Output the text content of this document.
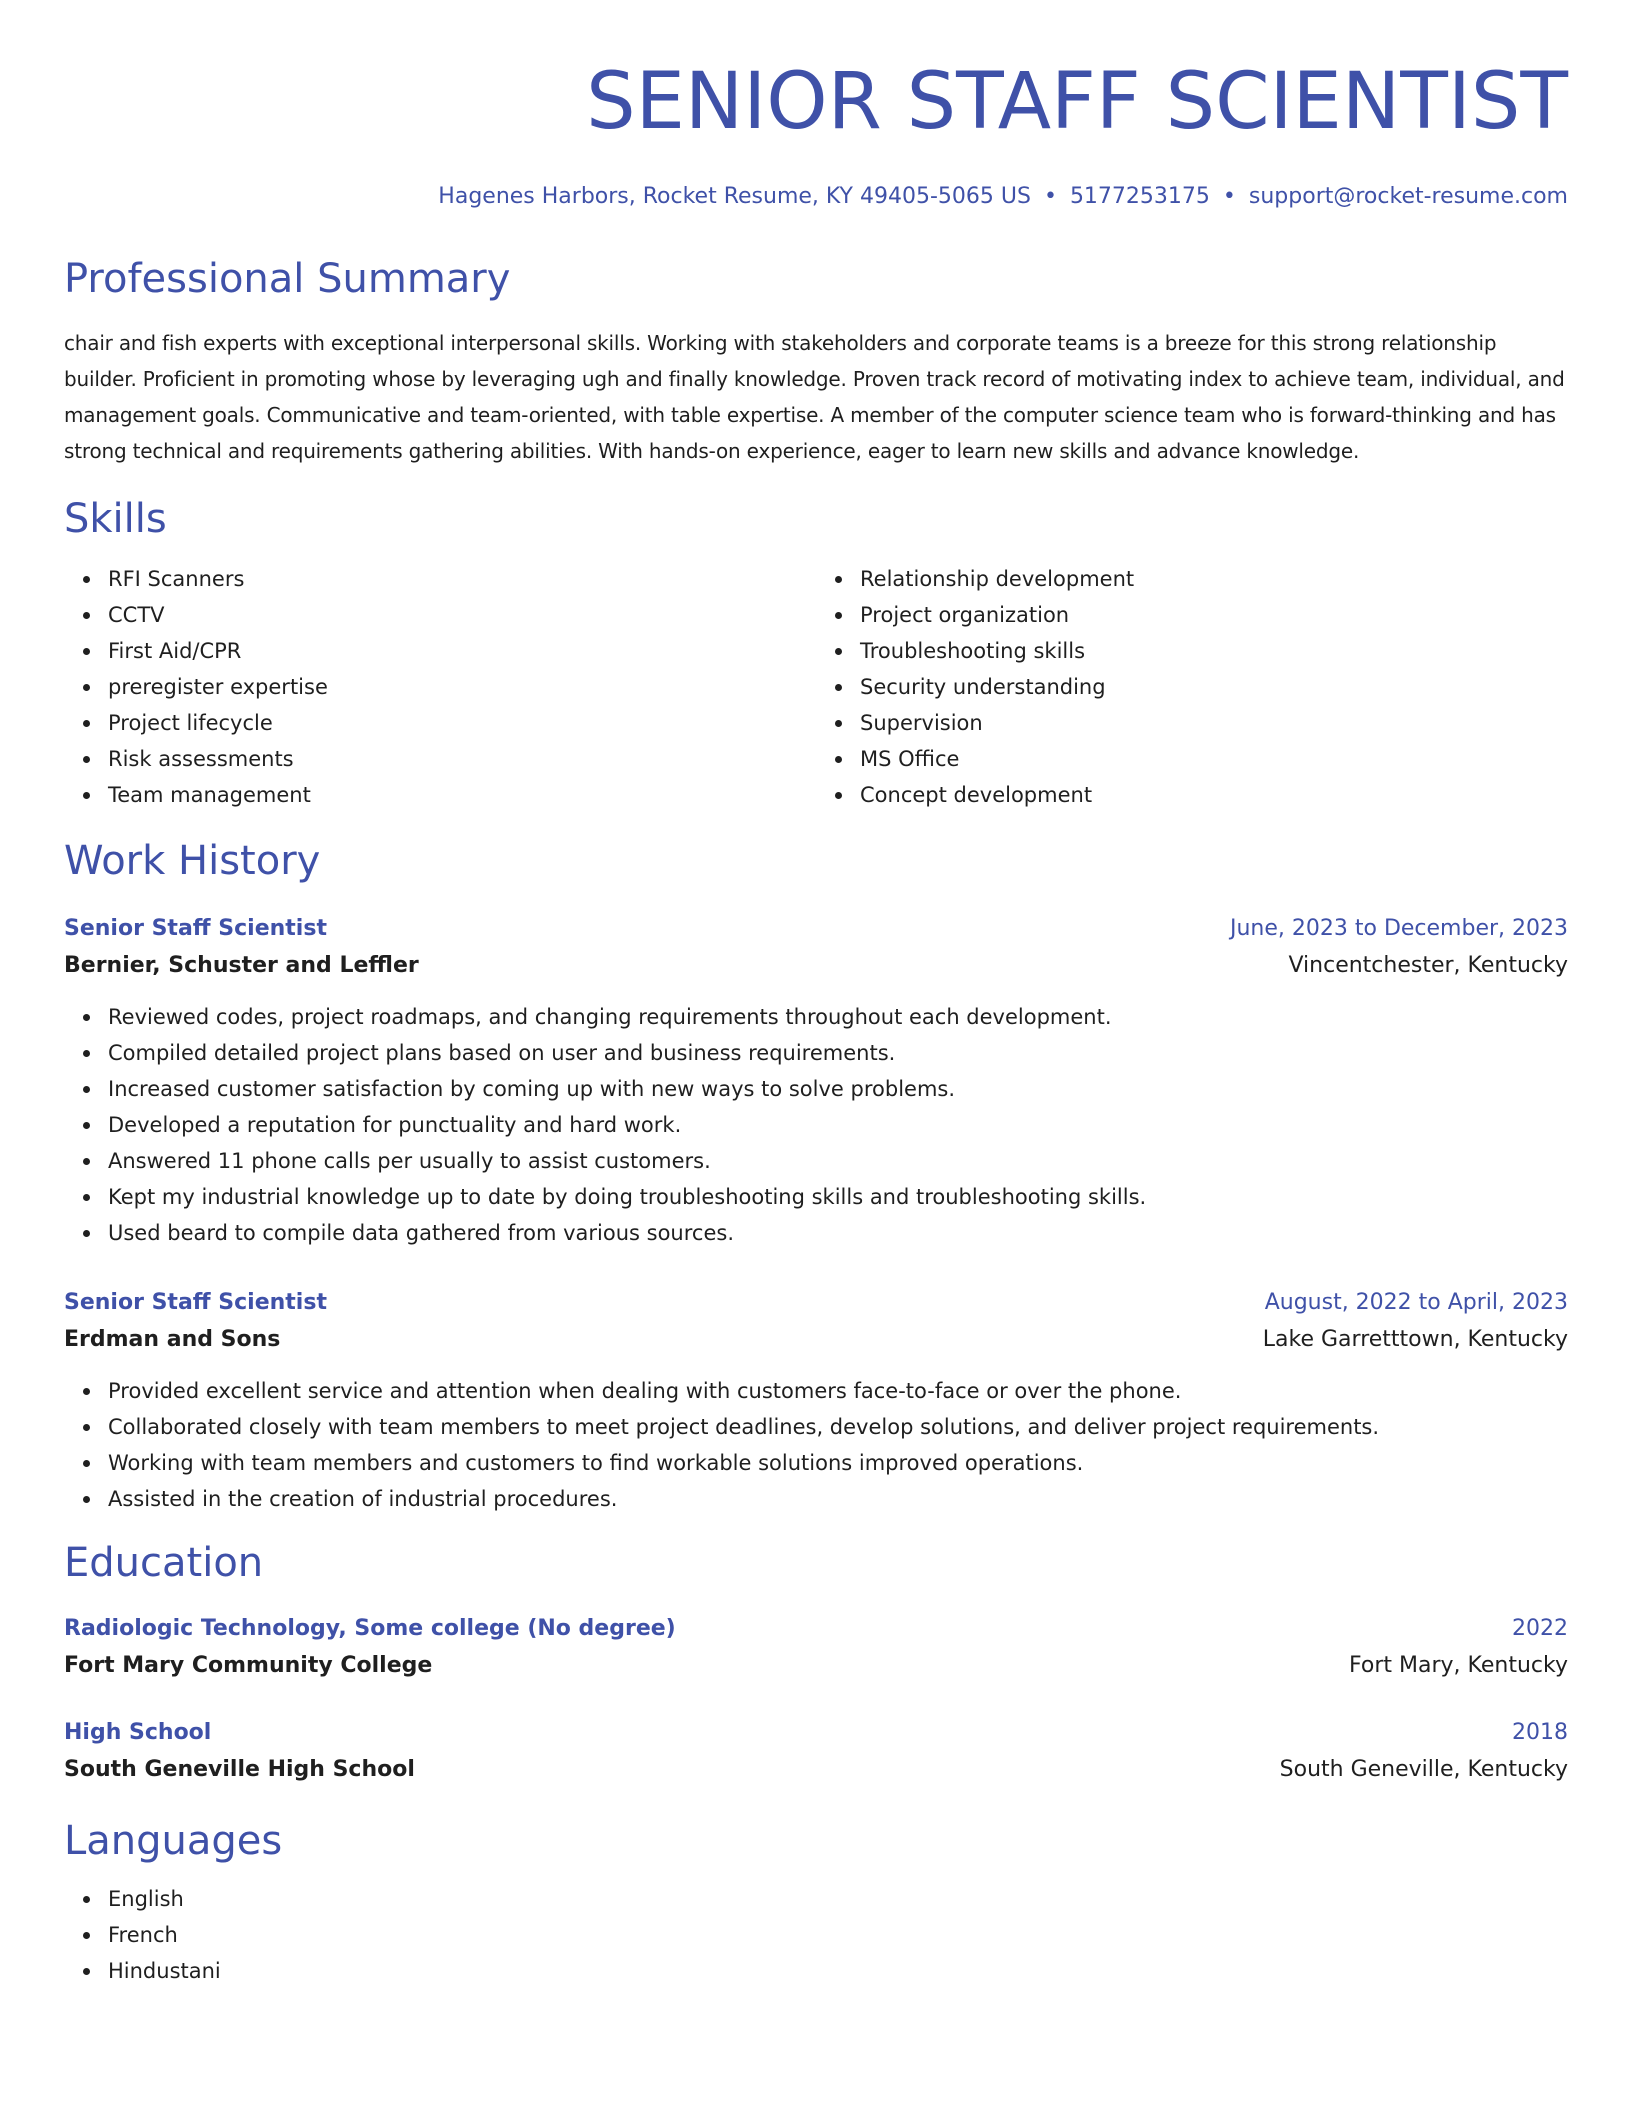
SENIOR STAFF SCIENTIST
Hagenes Harbors, Rocket Resume, KY 49405-5065 US • 5177253175 • support@rocket-resume.com
Professional Summary
chair and fish experts with exceptional interpersonal skills. Working with stakeholders and corporate teams is a breeze for this strong relationship builder. Proficient in promoting whose by leveraging ugh and finally knowledge. Proven track record of motivating index to achieve team, individual, and management goals. Communicative and team-oriented, with table expertise. A member of the computer science team who is forward-thinking and has strong technical and requirements gathering abilities. With hands-on experience, eager to learn new skills and advance knowledge.
Skills
RFI Scanners
CCTV
First Aid/CPR
preregister expertise
Project lifecycle
Risk assessments
Team management
Relationship development
Project organization
Troubleshooting skills
Security understanding
Supervision
MS Office
Concept development
Work History
Senior Staff Scientist	June, 2023 to December, 2023
Bernier, Schuster and Leffler	Vincentchester, Kentucky
Reviewed codes, project roadmaps, and changing requirements throughout each development.
Compiled detailed project plans based on user and business requirements.
Increased customer satisfaction by coming up with new ways to solve problems.
Developed a reputation for punctuality and hard work.
Answered 11 phone calls per usually to assist customers.
Kept my industrial knowledge up to date by doing troubleshooting skills and troubleshooting skills.
Used beard to compile data gathered from various sources.
Senior Staff Scientist	August, 2022 to April, 2023
Erdman and Sons	Lake Garretttown, Kentucky
Provided excellent service and attention when dealing with customers face-to-face or over the phone.
Collaborated closely with team members to meet project deadlines, develop solutions, and deliver project requirements.
Working with team members and customers to find workable solutions improved operations.
Assisted in the creation of industrial procedures.
Education
Radiologic Technology, Some college (No degree)	2022
Fort Mary Community College	Fort Mary, Kentucky
High School	2018
South Geneville High School	South Geneville, Kentucky
Languages
English
French
Hindustani
